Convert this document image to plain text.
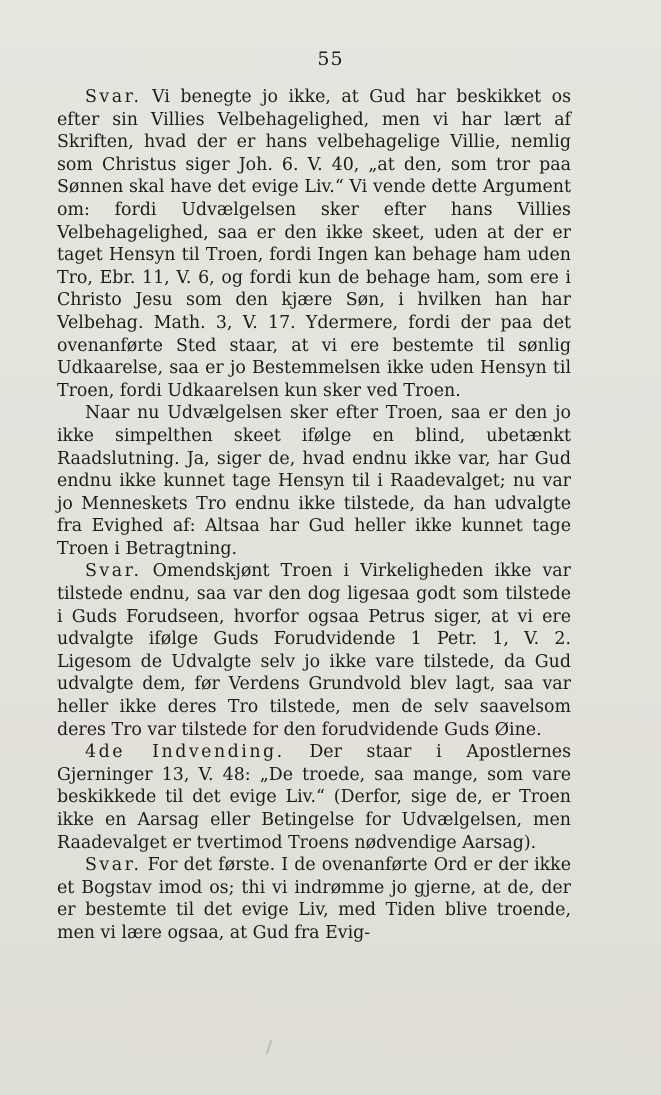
55

Svar. Vi benegte jo ikke, at Gud har beskikket os efter sin Villies Velbehagelighed, men vi har lært af Skriften, hvad der er hans velbehagelige Villie, nemlig som Christus siger Joh. 6. V. 40, „at den, som tror paa Sønnen skal have det evige Liv.“ Vi vende dette Argument om: fordi Udvælgelsen sker efter hans Villies Velbehagelighed, saa er den ikke skeet, uden at der er taget Hensyn til Troen, fordi Ingen kan behage ham uden Tro, Ebr. 11, V. 6, og fordi kun de behage ham, som ere i Christo Jesu som den kjære Søn, i hvilken han har Velbehag. Math. 3, V. 17. Ydermere, fordi der paa det ovenanførte Sted staar, at vi ere bestemte til sønlig Udkaarelse, saa er jo Bestemmelsen ikke uden Hensyn til Troen, fordi Udkaarelsen kun sker ved Troen.

Naar nu Udvælgelsen sker efter Troen, saa er den jo ikke simpelthen skeet ifølge en blind, ubetænkt Raadslutning. Ja, siger de, hvad endnu ikke var, har Gud endnu ikke kunnet tage Hensyn til i Raadevalget; nu var jo Menneskets Tro endnu ikke tilstede, da han udvalgte fra Evighed af: Altsaa har Gud heller ikke kunnet tage Troen i Betragtning.

Svar. Omendskjønt Troen i Virkeligheden ikke var tilstede endnu, saa var den dog ligesaa godt som tilstede i Guds Forudseen, hvorfor ogsaa Petrus siger, at vi ere udvalgte ifølge Guds Forudvidende 1 Petr. 1, V. 2. Ligesom de Udvalgte selv jo ikke vare tilstede, da Gud udvalgte dem, før Verdens Grundvold blev lagt, saa var heller ikke deres Tro tilstede, men de selv saavelsom deres Tro var tilstede for den forudvidende Guds Øine.

4de Indvending. Der staar i Apostlernes Gjerninger 13, V. 48: „De troede, saa mange, som vare beskikkede til det evige Liv.“ (Derfor, sige de, er Troen ikke en Aarsag eller Betingelse for Udvælgelsen, men Raadevalget er tvertimod Troens nødvendige Aarsag).

Svar. For det første. I de ovenanførte Ord er der ikke et Bogstav imod os; thi vi indrømme jo gjerne, at de, der er bestemte til det evige Liv, med Tiden blive troende, men vi lære ogsaa, at Gud fra Evig-
